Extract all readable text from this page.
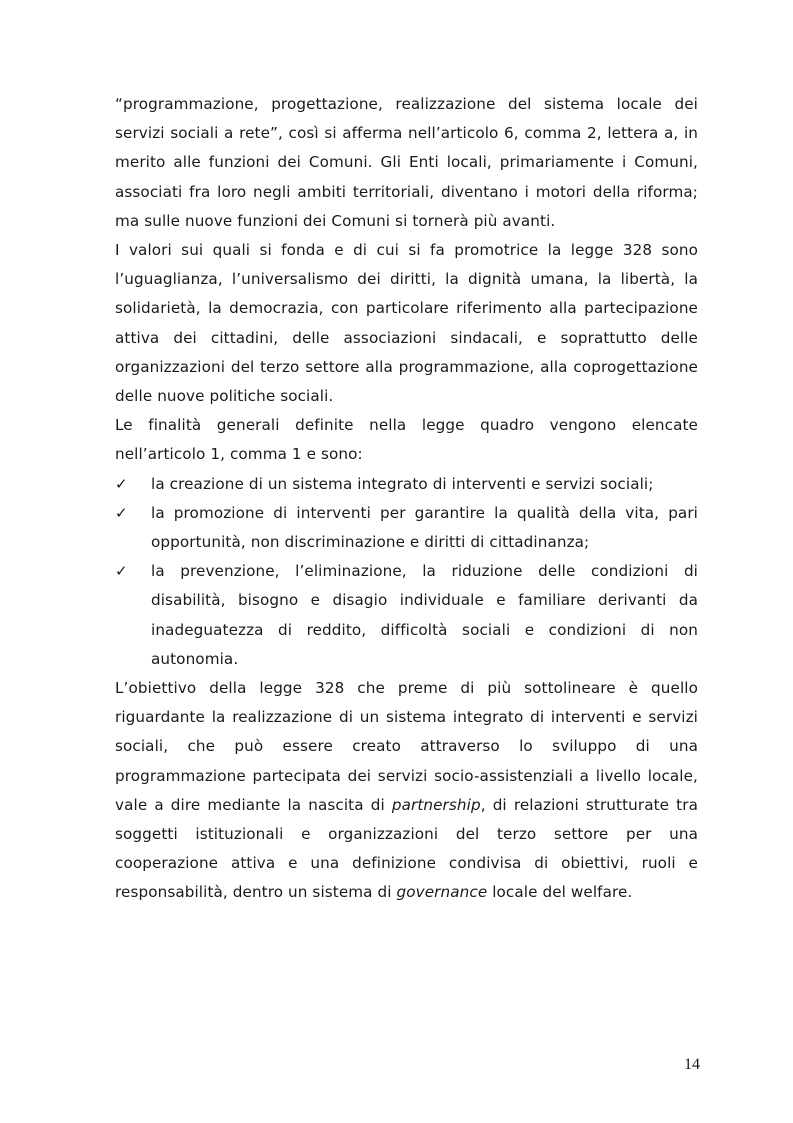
“programmazione, progettazione, realizzazione del sistema locale dei servizi sociali a rete”, così si afferma nell’articolo 6, comma 2, lettera a, in merito alle funzioni dei Comuni. Gli Enti locali, primariamente i Comuni, associati fra loro negli ambiti territoriali, diventano i motori della riforma; ma sulle nuove funzioni dei Comuni si tornerà più avanti.

I valori sui quali si fonda e di cui si fa promotrice la legge 328 sono l’uguaglianza, l’universalismo dei diritti, la dignità umana, la libertà, la solidarietà, la democrazia, con particolare riferimento alla partecipazione attiva dei cittadini, delle associazioni sindacali, e soprattutto delle organizzazioni del terzo settore alla programmazione, alla coprogettazione delle nuove politiche sociali.

Le finalità generali definite nella legge quadro vengono elencate nell’articolo 1, comma 1 e sono:

✓ la creazione di un sistema integrato di interventi e servizi sociali;
✓ la promozione di interventi per garantire la qualità della vita, pari opportunità, non discriminazione e diritti di cittadinanza;
✓ la prevenzione, l’eliminazione, la riduzione delle condizioni di disabilità, bisogno e disagio individuale e familiare derivanti da inadeguatezza di reddito, difficoltà sociali e condizioni di non autonomia.

L’obiettivo della legge 328 che preme di più sottolineare è quello riguardante la realizzazione di un sistema integrato di interventi e servizi sociali, che può essere creato attraverso lo sviluppo di una programmazione partecipata dei servizi socio-assistenziali a livello locale, vale a dire mediante la nascita di partnership, di relazioni strutturate tra soggetti istituzionali e organizzazioni del terzo settore per una cooperazione attiva e una definizione condivisa di obiettivi, ruoli e responsabilità, dentro un sistema di governance locale del welfare.

14
